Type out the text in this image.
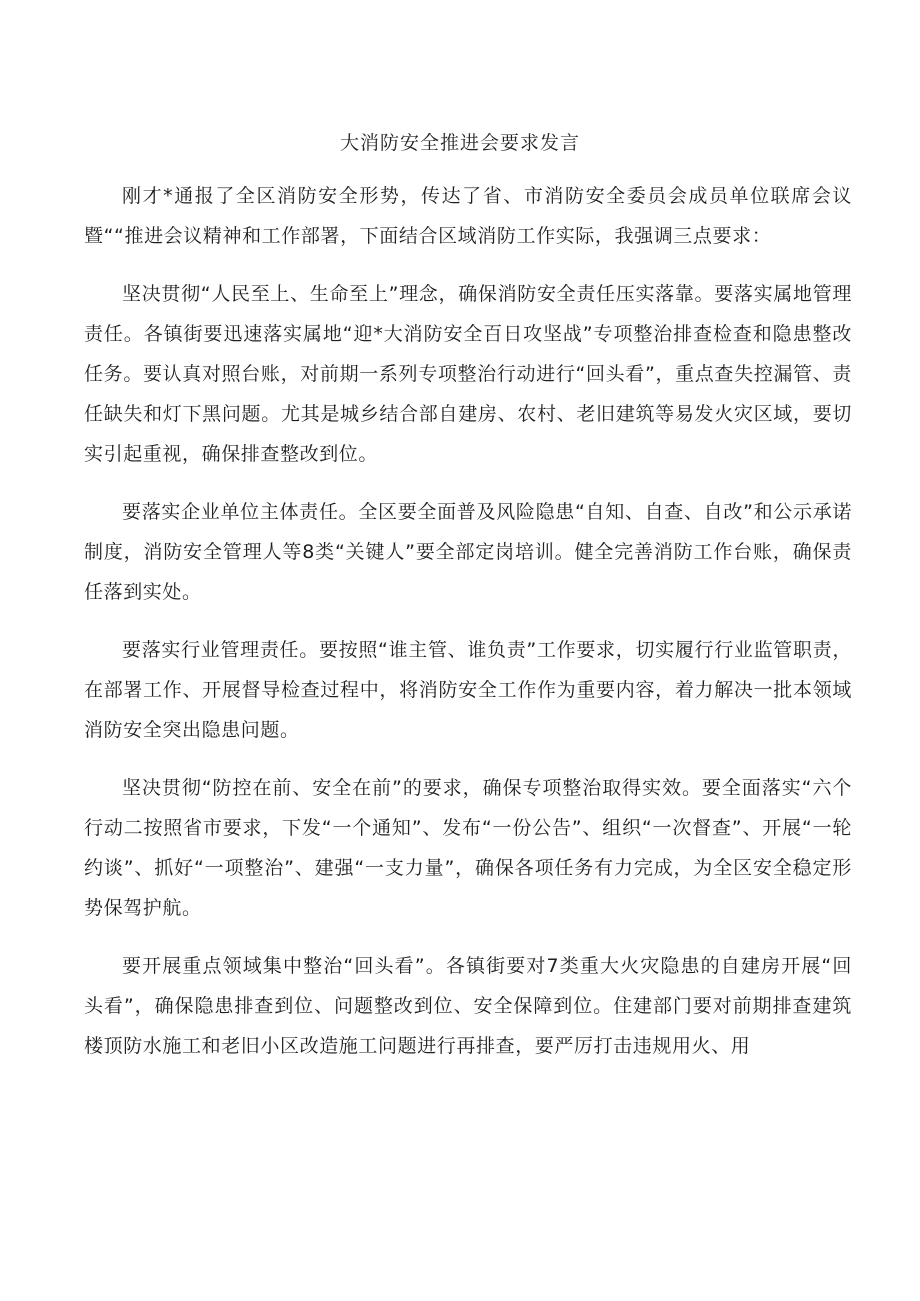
大消防安全推进会要求发言

刚才*通报了全区消防安全形势，传达了省、市消防安全委员会成员单位联席会议暨““推进会议精神和工作部署，下面结合区域消防工作实际，我强调三点要求：

坚决贯彻“人民至上、生命至上”理念，确保消防安全责任压实落靠。要落实属地管理责任。各镇街要迅速落实属地“迎*大消防安全百日攻坚战”专项整治排查检查和隐患整改任务。要认真对照台账，对前期一系列专项整治行动进行“回头看”，重点查失控漏管、责任缺失和灯下黑问题。尤其是城乡结合部自建房、农村、老旧建筑等易发火灾区域，要切实引起重视，确保排查整改到位。

要落实企业单位主体责任。全区要全面普及风险隐患“自知、自查、自改”和公示承诺制度，消防安全管理人等8类“关键人”要全部定岗培训。健全完善消防工作台账，确保责任落到实处。

要落实行业管理责任。要按照“谁主管、谁负责”工作要求，切实履行行业监管职责，在部署工作、开展督导检查过程中，将消防安全工作作为重要内容，着力解决一批本领域消防安全突出隐患问题。

坚决贯彻“防控在前、安全在前”的要求，确保专项整治取得实效。要全面落实“六个行动二按照省市要求，下发“一个通知”、发布“一份公告”、组织“一次督查”、开展“一轮约谈”、抓好“一项整治”、建强“一支力量”，确保各项任务有力完成，为全区安全稳定形势保驾护航。

要开展重点领域集中整治“回头看”。各镇街要对7类重大火灾隐患的自建房开展“回头看”，确保隐患排查到位、问题整改到位、安全保障到位。住建部门要对前期排查建筑楼顶防水施工和老旧小区改造施工问题进行再排查，要严厉打击违规用火、用
